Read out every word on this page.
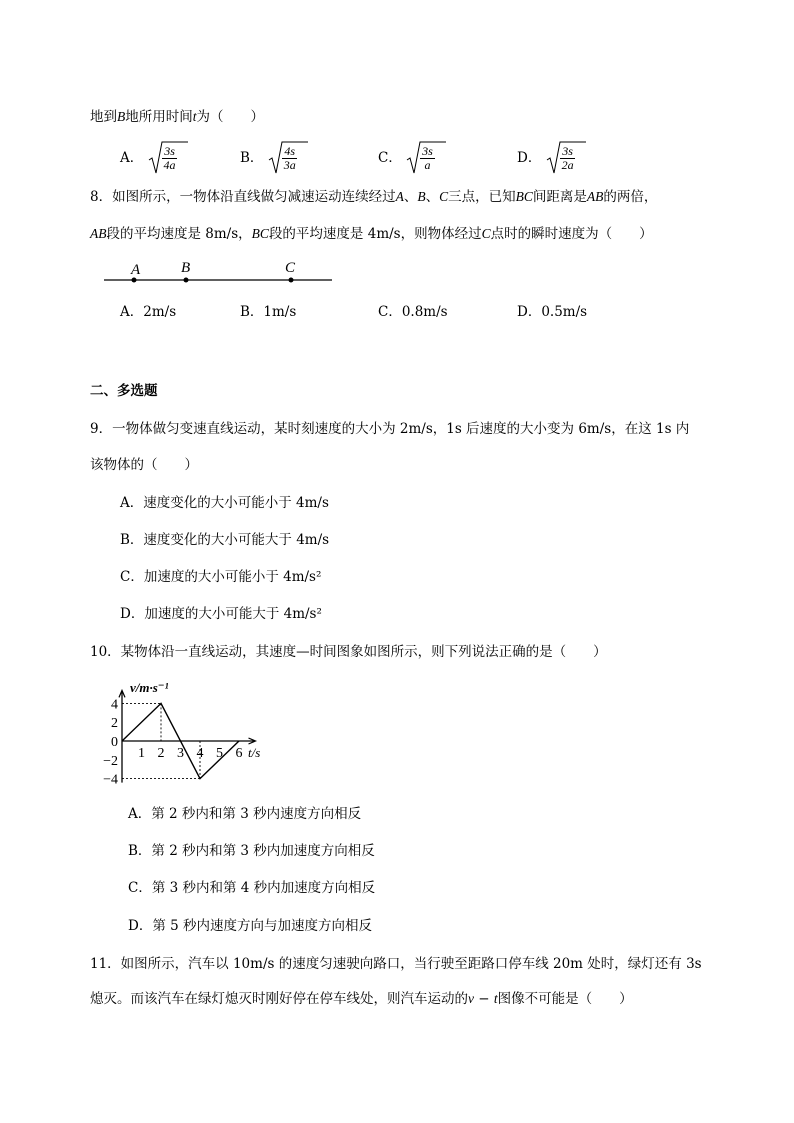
地到B地所用时间t为（　　）
A． $\frac{3s}{4a}$	B． $\frac{4s}{3a}$	C． $\frac{3s}{a}$	D． $\frac{3s}{2a}$
8．如图所示，一物体沿直线做匀减速运动连续经过A、B、C三点，已知BC间距离是AB的两倍，
AB段的平均速度是 8m/s，BC段的平均速度是 4m/s，则物体经过C点时的瞬时速度为（　　）
A	B	C
A．2m/s	B．1m/s	C．0.8m/s	D．0.5m/s
二、多选题
9．一物体做匀变速直线运动，某时刻速度的大小为 2m/s，1s 后速度的大小变为 6m/s，在这 1s 内
该物体的（　　）
A．速度变化的大小可能小于 4m/s
B．速度变化的大小可能大于 4m/s
C．加速度的大小可能小于 4m/s²
D．加速度的大小可能大于 4m/s²
10．某物体沿一直线运动，其速度—时间图象如图所示，则下列说法正确的是（　　）
4
2
0
−2
−4
1 2 3 4 5 6
v/m·s⁻¹
t/s
A．第 2 秒内和第 3 秒内速度方向相反
B．第 2 秒内和第 3 秒内加速度方向相反
C．第 3 秒内和第 4 秒内加速度方向相反
D．第 5 秒内速度方向与加速度方向相反
11．如图所示，汽车以 10m/s 的速度匀速驶向路口，当行驶至距路口停车线 20m 处时，绿灯还有 3s
熄灭。而该汽车在绿灯熄灭时刚好停在停车线处，则汽车运动的v − t图像不可能是（　　）
